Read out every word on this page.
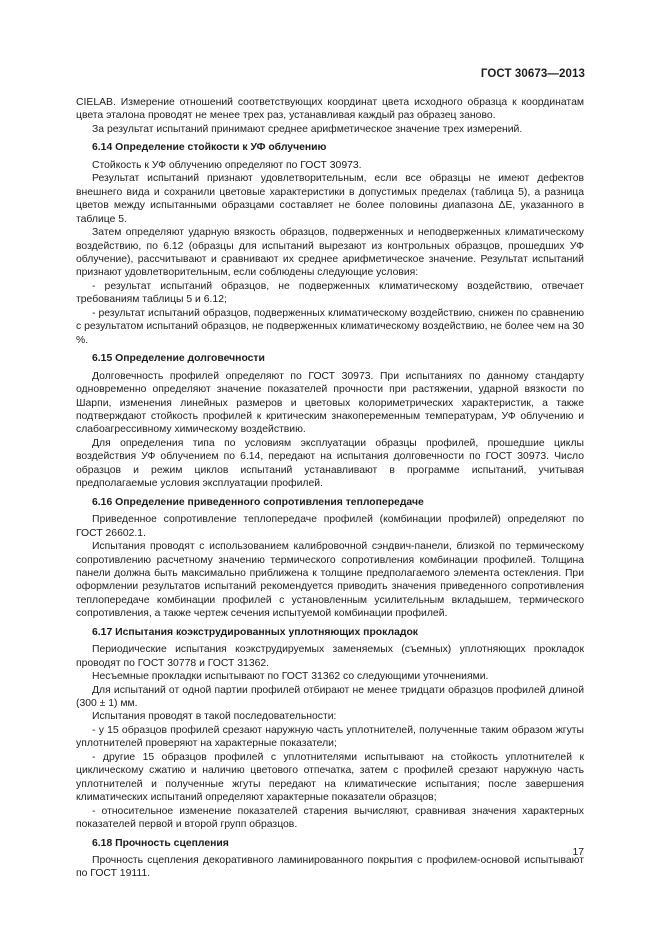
ГОСТ 30673—2013

CIELAB. Измерение отношений соответствующих координат цвета исходного образца к координатам цвета эталона проводят не менее трех раз, устанавливая каждый раз образец заново.

За результат испытаний принимают среднее арифметическое значение трех измерений.

6.14 Определение стойкости к УФ облучению

Стойкость к УФ облучению определяют по ГОСТ 30973.

Результат испытаний признают удовлетворительным, если все образцы не имеют дефектов внешнего вида и сохранили цветовые характеристики в допустимых пределах (таблица 5), а разница цветов между испытанными образцами составляет не более половины диапазона ΔE, указанного в таблице 5.

Затем определяют ударную вязкость образцов, подверженных и неподверженных климатическому воздействию, по 6.12 (образцы для испытаний вырезают из контрольных образцов, прошедших УФ облучение), рассчитывают и сравнивают их среднее арифметическое значение. Результат испытаний признают удовлетворительным, если соблюдены следующие условия:

- результат испытаний образцов, не подверженных климатическому воздействию, отвечает требованиям таблицы 5 и 6.12;

- результат испытаний образцов, подверженных климатическому воздействию, снижен по сравнению с результатом испытаний образцов, не подверженных климатическому воздействию, не более чем на 30 %.

6.15 Определение долговечности

Долговечность профилей определяют по ГОСТ 30973. При испытаниях по данному стандарту одновременно определяют значение показателей прочности при растяжении, ударной вязкости по Шарпи, изменения линейных размеров и цветовых колориметрических характеристик, а также подтверждают стойкость профилей к критическим знакопеременным температурам, УФ облучению и слабоагрессивному химическому воздействию.

Для определения типа по условиям эксплуатации образцы профилей, прошедшие циклы воздействия УФ облучением по 6.14, передают на испытания долговечности по ГОСТ 30973. Число образцов и режим циклов испытаний устанавливают в программе испытаний, учитывая предполагаемые условия эксплуатации профилей.

6.16 Определение приведенного сопротивления теплопередаче

Приведенное сопротивление теплопередаче профилей (комбинации профилей) определяют по ГОСТ 26602.1.

Испытания проводят с использованием калибровочной сэндвич-панели, близкой по термическому сопротивлению расчетному значению термического сопротивления комбинации профилей. Толщина панели должна быть максимально приближена к толщине предполагаемого элемента остекления. При оформлении результатов испытаний рекомендуется приводить значения приведенного сопротивления теплопередаче комбинации профилей с установленным усилительным вкладышем, термического сопротивления, а также чертеж сечения испытуемой комбинации профилей.

6.17 Испытания коэкструдированных уплотняющих прокладок

Периодические испытания коэкструдируемых заменяемых (съемных) уплотняющих прокладок проводят по ГОСТ 30778 и ГОСТ 31362.

Несъемные прокладки испытывают по ГОСТ 31362 со следующими уточнениями.

Для испытаний от одной партии профилей отбирают не менее тридцати образцов профилей длиной (300 ± 1) мм.

Испытания проводят в такой последовательности:

- у 15 образцов профилей срезают наружную часть уплотнителей, полученные таким образом жгуты уплотнителей проверяют на характерные показатели;

- другие 15 образцов профилей с уплотнителями испытывают на стойкость уплотнителей к циклическому сжатию и наличию цветового отпечатка, затем с профилей срезают наружную часть уплотнителей и полученные жгуты передают на климатические испытания; после завершения климатических испытаний определяют характерные показатели образцов;

- относительное изменение показателей старения вычисляют, сравнивая значения характерных показателей первой и второй групп образцов.

6.18 Прочность сцепления

Прочность сцепления декоративного ламинированного покрытия с профилем-основой испытывают по ГОСТ 19111.

17
